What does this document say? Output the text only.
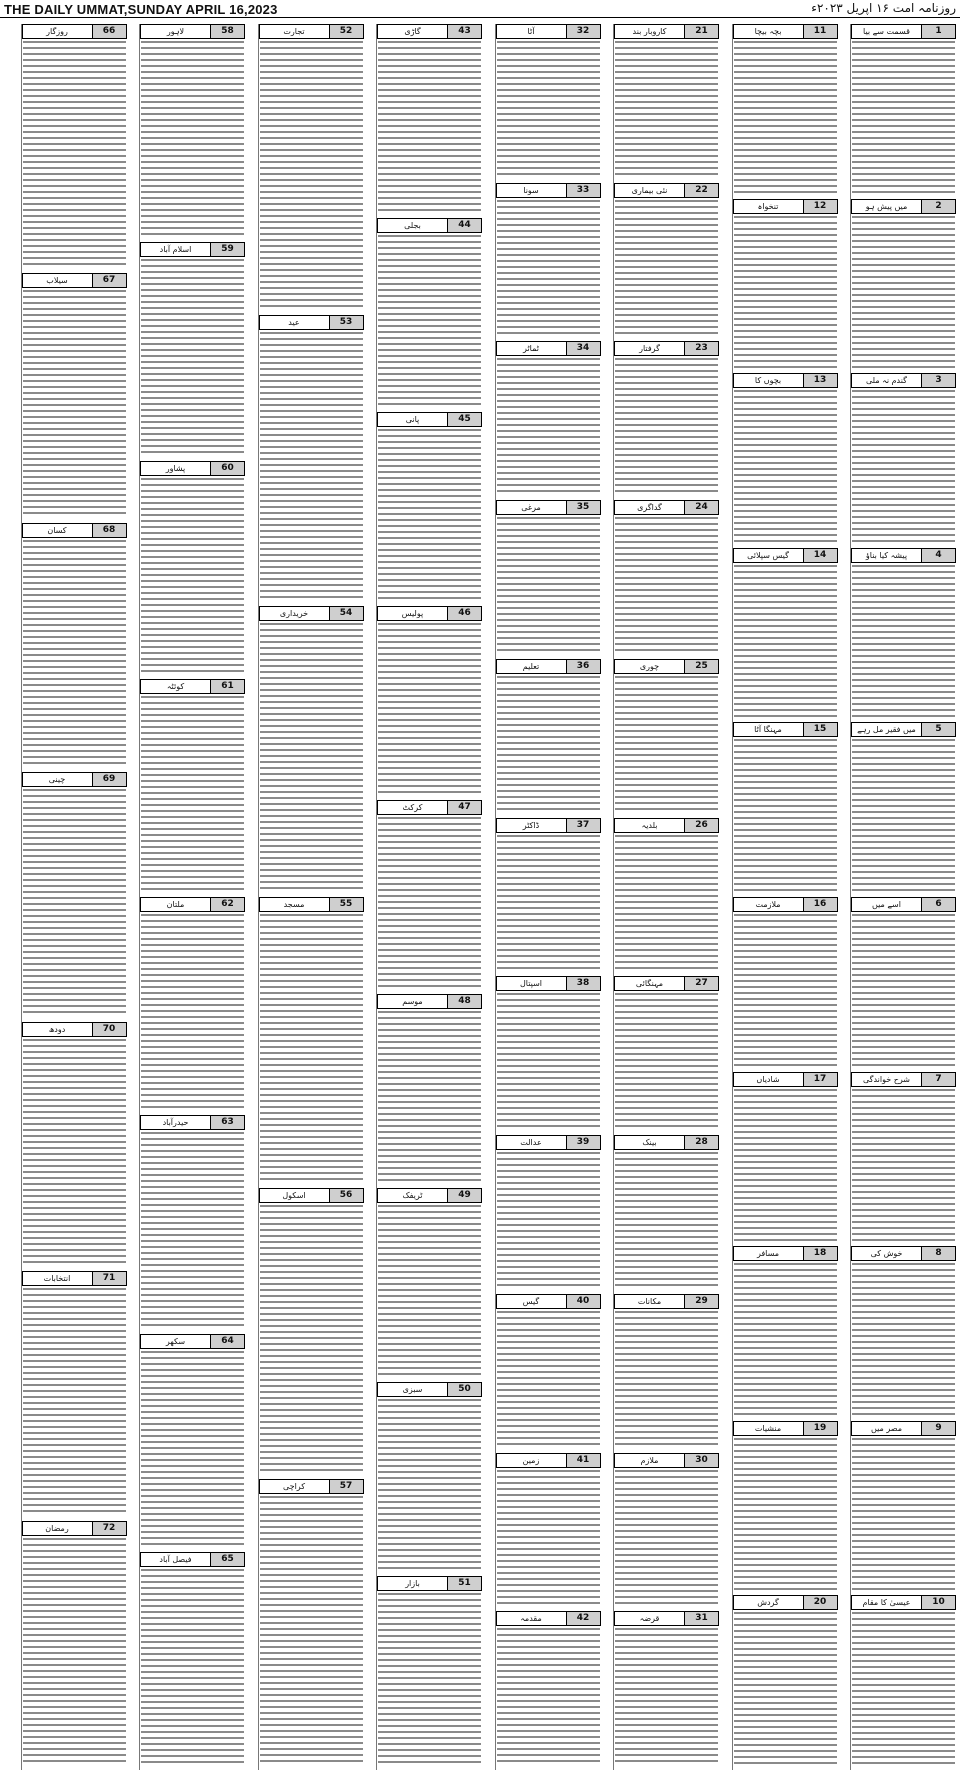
THE DAILY UMMAT,SUNDAY APRIL 16,2023	روزنامہ امت ۱۶ اپریل ۲۰۲۳ء
1
قسمت سے بیا
2
میں پیش ہو
3
گندم نہ ملی
4
پیشہ کیا بناؤ
5
میں فقیر مل رہے
6
اسے میں
7
شرح خواندگی
8
خوش کی
9
مصر میں
10
عیسیٰ کا مقام
11
بچہ بیچا
12
تنخواہ
13
بچوں کا
14
گیس سپلائی
15
مہنگا آٹا
16
ملازمت
17
شادیاں
18
مسافر
19
منشیات
20
گردش
21
کاروبار بند
22
نئی بیماری
23
گرفتار
24
گداگری
25
چوری
26
بلدیہ
27
مہنگائی
28
بینک
29
مکانات
30
ملازم
31
قرضہ
32
آٹا
33
سونا
34
ٹماٹر
35
مرغی
36
تعلیم
37
ڈاکٹر
38
اسپتال
39
عدالت
40
گیس
41
زمین
42
مقدمہ
43
گاڑی
44
بجلی
45
پانی
46
پولیس
47
کرکٹ
48
موسم
49
ٹریفک
50
سبزی
51
بازار
52
تجارت
53
عید
54
خریداری
55
مسجد
56
اسکول
57
کراچی
58
لاہور
59
اسلام آباد
60
پشاور
61
کوئٹہ
62
ملتان
63
حیدرآباد
64
سکھر
65
فیصل آباد
66
روزگار
67
سیلاب
68
کسان
69
چینی
70
دودھ
71
انتخابات
72
رمضان
